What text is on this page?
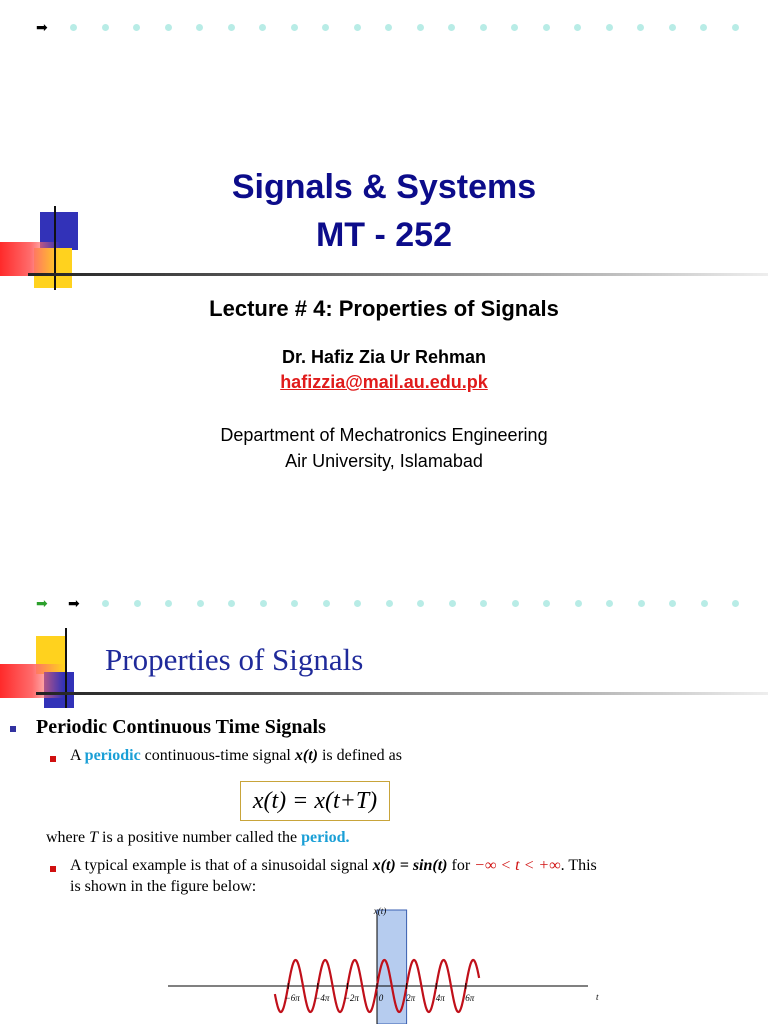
➡
Signals & Systems
MT - 252
Lecture # 4: Properties of Signals
Dr. Hafiz Zia Ur Rehman
hafizzia@mail.au.edu.pk
Department of Mechatronics Engineering
Air University, Islamabad
➡ ➡
Properties of Signals
Periodic Continuous Time Signals
A periodic continuous-time signal x(t) is defined as
x(t) = x(t+T)
where T is a positive number called the period.
A typical example is that of a sinusoidal signal x(t) = sin(t) for −∞ < t < +∞. This
is shown in the figure below:
−6π −4π −2π 0	2π 4π 6π
x(t)
t
